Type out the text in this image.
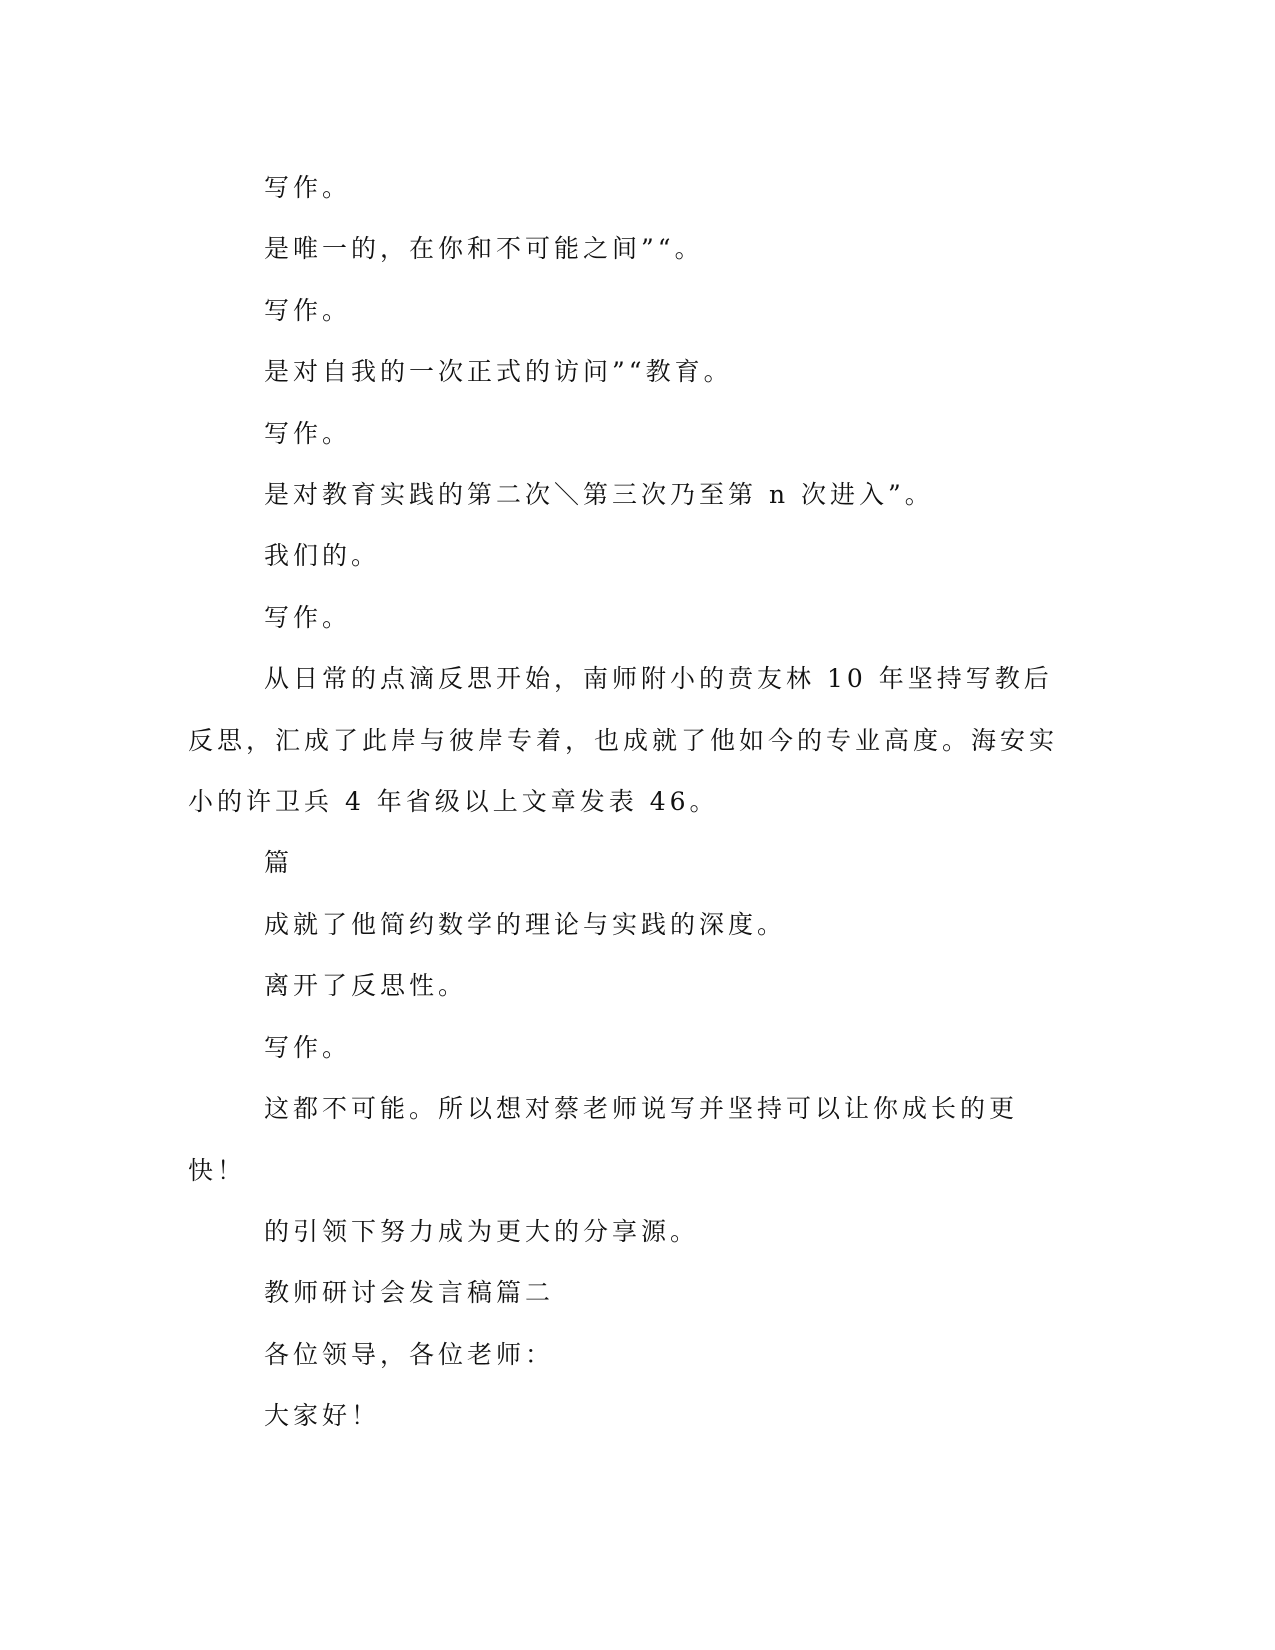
写作。

是唯一的，在你和不可能之间”“。

写作。

是对自我的一次正式的访问”“教育。

写作。

是对教育实践的第二次＼第三次乃至第 n 次进入”。

我们的。

写作。

从日常的点滴反思开始，南师附小的贲友林 10 年坚持写教后反思，汇成了此岸与彼岸专着，也成就了他如今的专业高度。海安实小的许卫兵 4 年省级以上文章发表 46。

篇

成就了他简约数学的理论与实践的深度。

离开了反思性。

写作。

这都不可能。所以想对蔡老师说写并坚持可以让你成长的更快！

的引领下努力成为更大的分享源。

教师研讨会发言稿篇二

各位领导，各位老师：

大家好！
